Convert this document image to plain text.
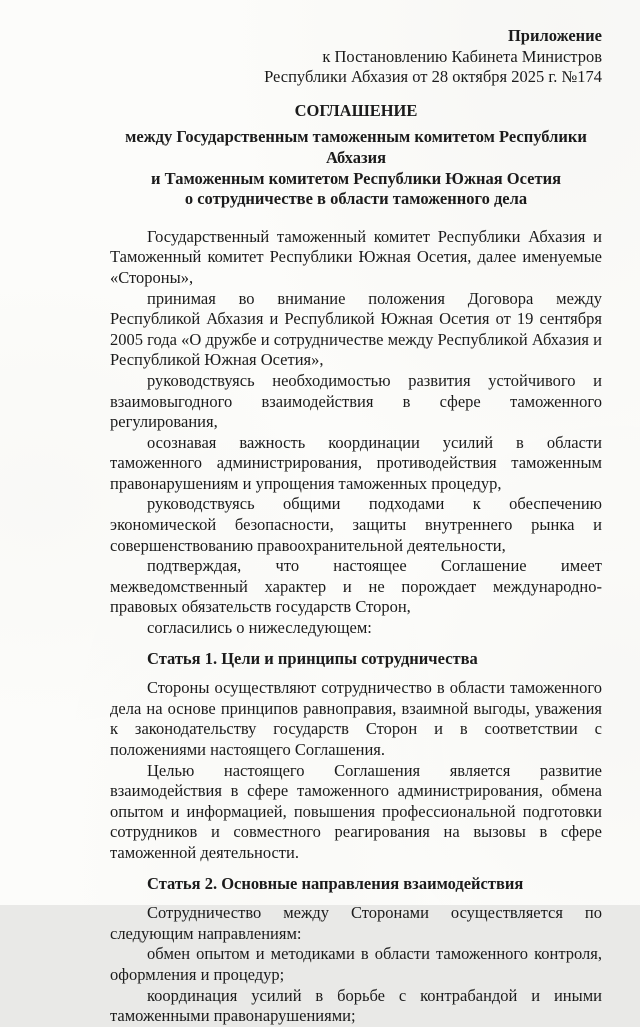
Приложение
к Постановлению Кабинета Министров
Республики Абхазия от 28 октября 2025 г. №174
СОГЛАШЕНИЕ
между Государственным таможенным комитетом Республики Абхазия
и Таможенным комитетом Республики Южная Осетия
о сотрудничестве в области таможенного дела

Государственный таможенный комитет Республики Абхазия и Таможенный комитет Республики Южная Осетия, далее именуемые «Стороны»,

принимая во внимание положения Договора между Республикой Абхазия и Республикой Южная Осетия от 19 сентября 2005 года «О дружбе и сотрудничестве между Республикой Абхазия и Республикой Южная Осетия»,

руководствуясь необходимостью развития устойчивого и взаимовыгодного взаимодействия в сфере таможенного регулирования,

осознавая важность координации усилий в области таможенного администрирования, противодействия таможенным правонарушениям и упрощения таможенных процедур,

руководствуясь общими подходами к обеспечению экономической безопасности, защиты внутреннего рынка и совершенствованию правоохранительной деятельности,

подтверждая, что настоящее Соглашение имеет межведомственный характер и не порождает международно-правовых обязательств государств Сторон,

согласились о нижеследующем:

Статья 1. Цели и принципы сотрудничества

Стороны осуществляют сотрудничество в области таможенного дела на основе принципов равноправия, взаимной выгоды, уважения к законодательству государств Сторон и в соответствии с положениями настоящего Соглашения.

Целью настоящего Соглашения является развитие взаимодействия в сфере таможенного администрирования, обмена опытом и информацией, повышения профессиональной подготовки сотрудников и совместного реагирования на вызовы в сфере таможенной деятельности.

Статья 2. Основные направления взаимодействия

Сотрудничество между Сторонами осуществляется по следующим направлениям:

обмен опытом и методиками в области таможенного контроля, оформления и процедур;

координация усилий в борьбе с контрабандой и иными таможенными правонарушениями;
